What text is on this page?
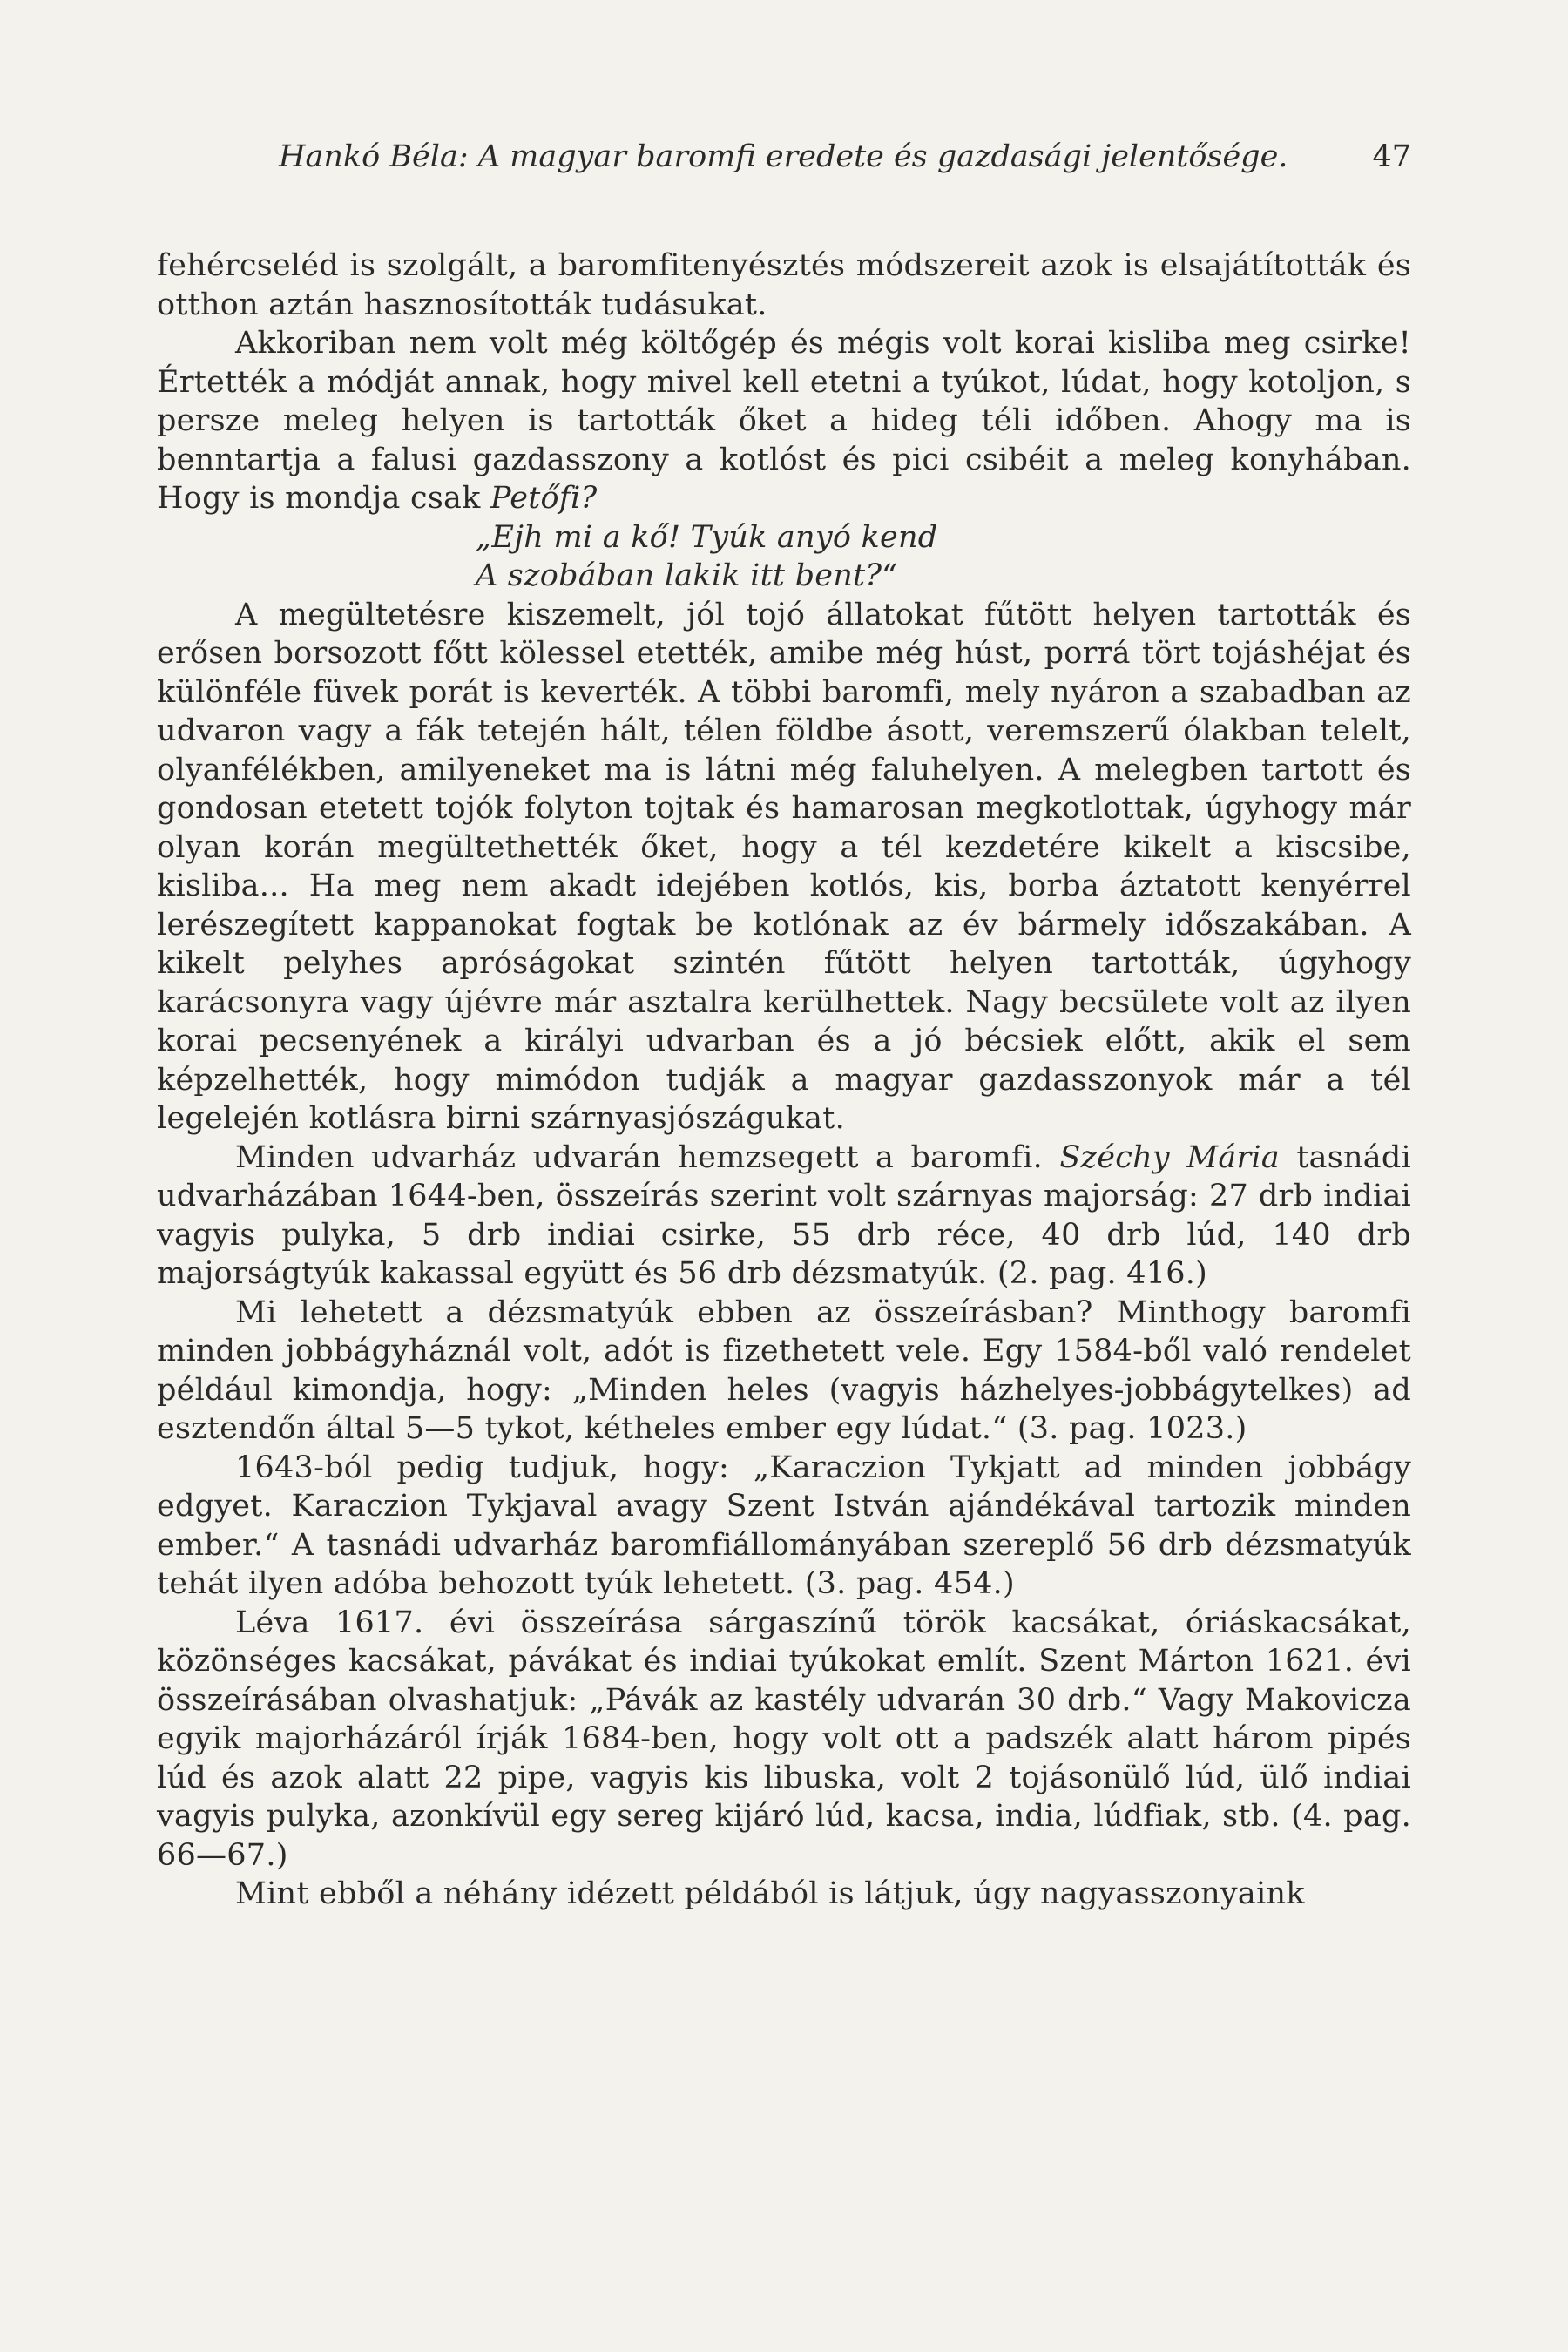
Hankó Béla: A magyar baromfi eredete és gazdasági jelentősége.	47

fehércseléd is szolgált, a baromfitenyésztés módszereit azok is elsajátították és otthon aztán hasznosították tudásukat.

Akkoriban nem volt még költőgép és mégis volt korai kisliba meg csirke! Értették a módját annak, hogy mivel kell etetni a tyúkot, lúdat, hogy kotoljon, s persze meleg helyen is tartották őket a hideg téli időben. Ahogy ma is benntartja a falusi gazdasszony a kotlóst és pici csibéit a meleg konyhában. Hogy is mondja csak Petőfi?

„Ejh mi a kő! Tyúk anyó kend
A szobában lakik itt bent?“

A megültetésre kiszemelt, jól tojó állatokat fűtött helyen tartották és erősen borsozott főtt kölessel etették, amibe még húst, porrá tört tojáshéjat és különféle füvek porát is keverték. A többi baromfi, mely nyáron a szabadban az udvaron vagy a fák tetején hált, télen földbe ásott, veremszerű ólakban telelt, olyanfélékben, amilyeneket ma is látni még faluhelyen. A melegben tartott és gondosan etetett tojók folyton tojtak és hamarosan megkotlottak, úgyhogy már olyan korán megültethették őket, hogy a tél kezdetére kikelt a kiscsibe, kisliba... Ha meg nem akadt idejében kotlós, kis, borba áztatott kenyérrel lerészegített kappanokat fogtak be kotlónak az év bármely időszakában. A kikelt pelyhes apróságokat szintén fűtött helyen tartották, úgyhogy karácsonyra vagy újévre már asztalra kerülhettek. Nagy becsülete volt az ilyen korai pecsenyének a királyi udvarban és a jó bécsiek előtt, akik el sem képzelhették, hogy mimódon tudják a magyar gazdasszonyok már a tél legelején kotlásra birni szárnyasjószágukat.

Minden udvarház udvarán hemzsegett a baromfi. Széchy Mária tasnádi udvarházában 1644-ben, összeírás szerint volt szárnyas majorság: 27 drb indiai vagyis pulyka, 5 drb indiai csirke, 55 drb réce, 40 drb lúd, 140 drb majorságtyúk kakassal együtt és 56 drb dézsmatyúk. (2. pag. 416.)

Mi lehetett a dézsmatyúk ebben az összeírásban? Minthogy baromfi minden jobbágyháznál volt, adót is fizethetett vele. Egy 1584-ből való rendelet például kimondja, hogy: „Minden heles (vagyis házhelyes-jobbágytelkes) ad esztendőn által 5—5 tykot, kétheles ember egy lúdat.“ (3. pag. 1023.)

1643-ból pedig tudjuk, hogy: „Karaczion Tykjatt ad minden jobbágy edgyet. Karaczion Tykjaval avagy Szent István ajándékával tartozik minden ember.“ A tasnádi udvarház baromfiállományában szereplő 56 drb dézsmatyúk tehát ilyen adóba behozott tyúk lehetett. (3. pag. 454.)

Léva 1617. évi összeírása sárgaszínű török kacsákat, óriáskacsákat, közönséges kacsákat, pávákat és indiai tyúkokat említ. Szent Márton 1621. évi összeírásában olvashatjuk: „Pávák az kastély udvarán 30 drb.“ Vagy Makovicza egyik majorházáról írják 1684-ben, hogy volt ott a padszék alatt három pipés lúd és azok alatt 22 pipe, vagyis kis libuska, volt 2 tojásonülő lúd, ülő indiai vagyis pulyka, azonkívül egy sereg kijáró lúd, kacsa, india, lúdfiak, stb. (4. pag. 66—67.)

Mint ebből a néhány idézett példából is látjuk, úgy nagyasszonyaink
